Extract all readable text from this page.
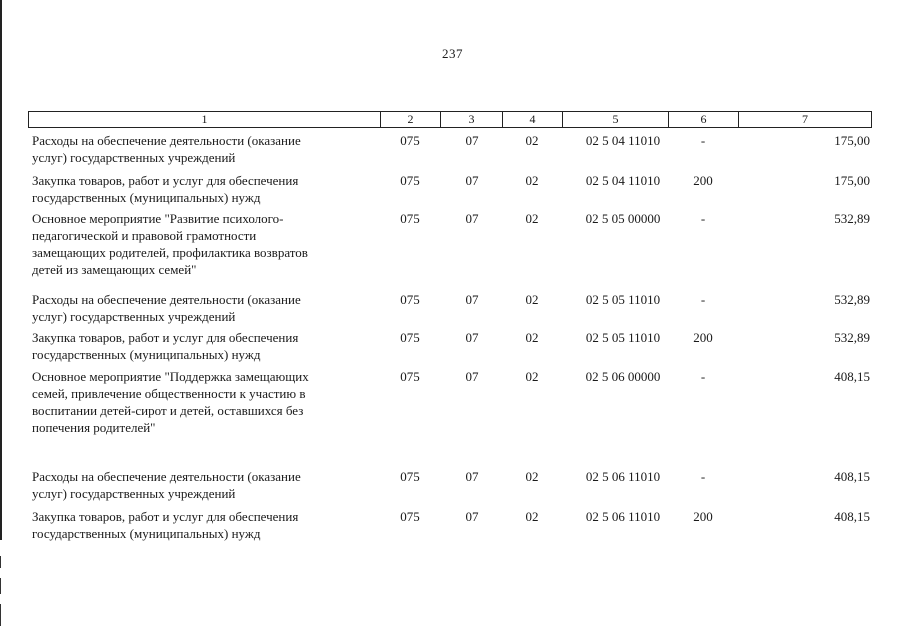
237
1	2	3	4	5	6	7
Расходы на обеспечение деятельности (оказание
услуг) государственных учреждений
075	07	02	02 5 04 11010	-	175,00
Закупка товаров, работ и услуг для обеспечения
государственных (муниципальных) нужд
075	07	02	02 5 04 11010	200	175,00
Основное мероприятие "Развитие психолого-
педагогической и правовой грамотности
замещающих родителей, профилактика возвратов
детей из замещающих семей"
075	07	02	02 5 05 00000	-	532,89
Расходы на обеспечение деятельности (оказание
услуг) государственных учреждений
075	07	02	02 5 05 11010	-	532,89
Закупка товаров, работ и услуг для обеспечения
государственных (муниципальных) нужд
075	07	02	02 5 05 11010	200	532,89
Основное мероприятие "Поддержка замещающих
семей, привлечение общественности к участию в
воспитании детей-сирот и детей, оставшихся без
попечения родителей"
075	07	02	02 5 06 00000	-	408,15
Расходы на обеспечение деятельности (оказание
услуг) государственных учреждений
075	07	02	02 5 06 11010	-	408,15
Закупка товаров, работ и услуг для обеспечения
государственных (муниципальных) нужд
075	07	02	02 5 06 11010	200	408,15
